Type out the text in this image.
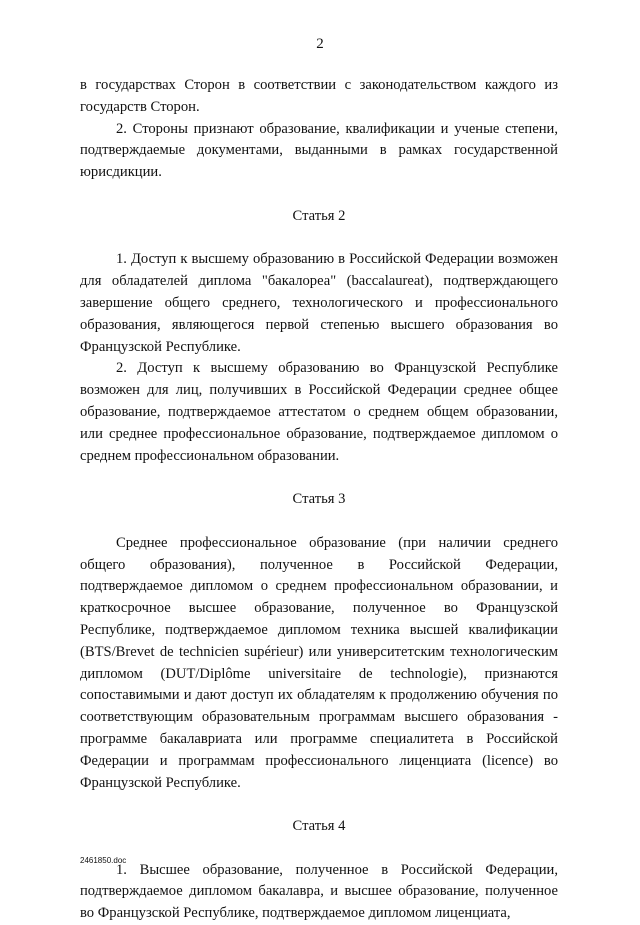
2

в государствах Сторон в соответствии с законодательством каждого из государств Сторон.

2. Стороны признают образование, квалификации и ученые степени, подтверждаемые документами, выданными в рамках государственной юрисдикции.

Статья 2

1. Доступ к высшему образованию в Российской Федерации возможен для обладателей диплома "бакалореа" (baccalaureat), подтверждающего завершение общего среднего, технологического и профессионального образования, являющегося первой степенью высшего образования во Французской Республике.

2. Доступ к высшему образованию во Французской Республике возможен для лиц, получивших в Российской Федерации среднее общее образование, подтверждаемое аттестатом о среднем общем образовании, или среднее профессиональное образование, подтверждаемое дипломом о среднем профессиональном образовании.

Статья 3

Среднее профессиональное образование (при наличии среднего общего образования), полученное в Российской Федерации, подтверждаемое дипломом о среднем профессиональном образовании, и краткосрочное высшее образование, полученное во Французской Республике, подтверждаемое дипломом техника высшей квалификации (BTS/Brevet de technicien supérieur) или университетским технологическим дипломом (DUT/Diplôme universitaire de technologie), признаются сопоставимыми и дают доступ их обладателям к продолжению обучения по соответствующим образовательным программам высшего образования - программе бакалавриата или программе специалитета в Российской Федерации и программам профессионального лиценциата (licence) во Французской Республике.

Статья 4

1. Высшее образование, полученное в Российской Федерации, подтверждаемое дипломом бакалавра, и высшее образование, полученное во Французской Республике, подтверждаемое дипломом лиценциата,

2461850.doc
